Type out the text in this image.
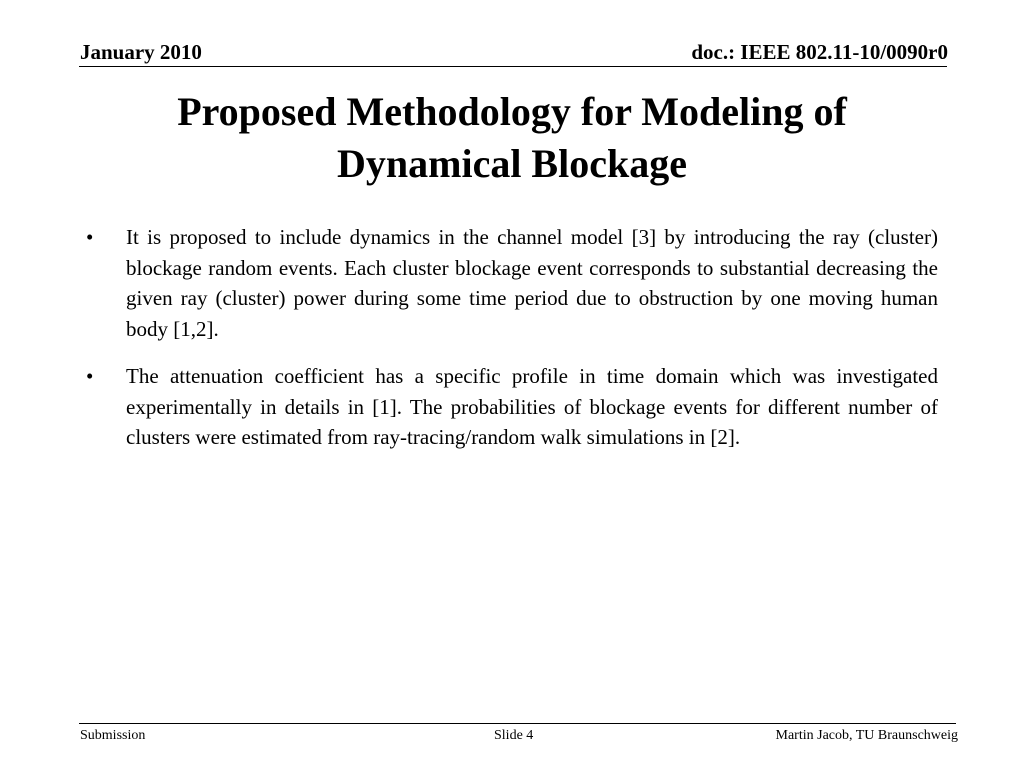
January 2010	doc.: IEEE 802.11-10/0090r0
Proposed Methodology for Modeling of
Dynamical Blockage
•	It is proposed to include dynamics in the channel model [3] by introducing the ray (cluster) blockage random events. Each cluster blockage event corresponds to substantial decreasing the given ray (cluster) power during some time period due to obstruction by one moving human body [1,2].
•	The attenuation coefficient has a specific profile in time domain which was investigated experimentally in details in [1]. The probabilities of blockage events for different number of clusters were estimated from ray-tracing/random walk simulations in [2].
Submission	Slide 4	Martin Jacob, TU Braunschweig
